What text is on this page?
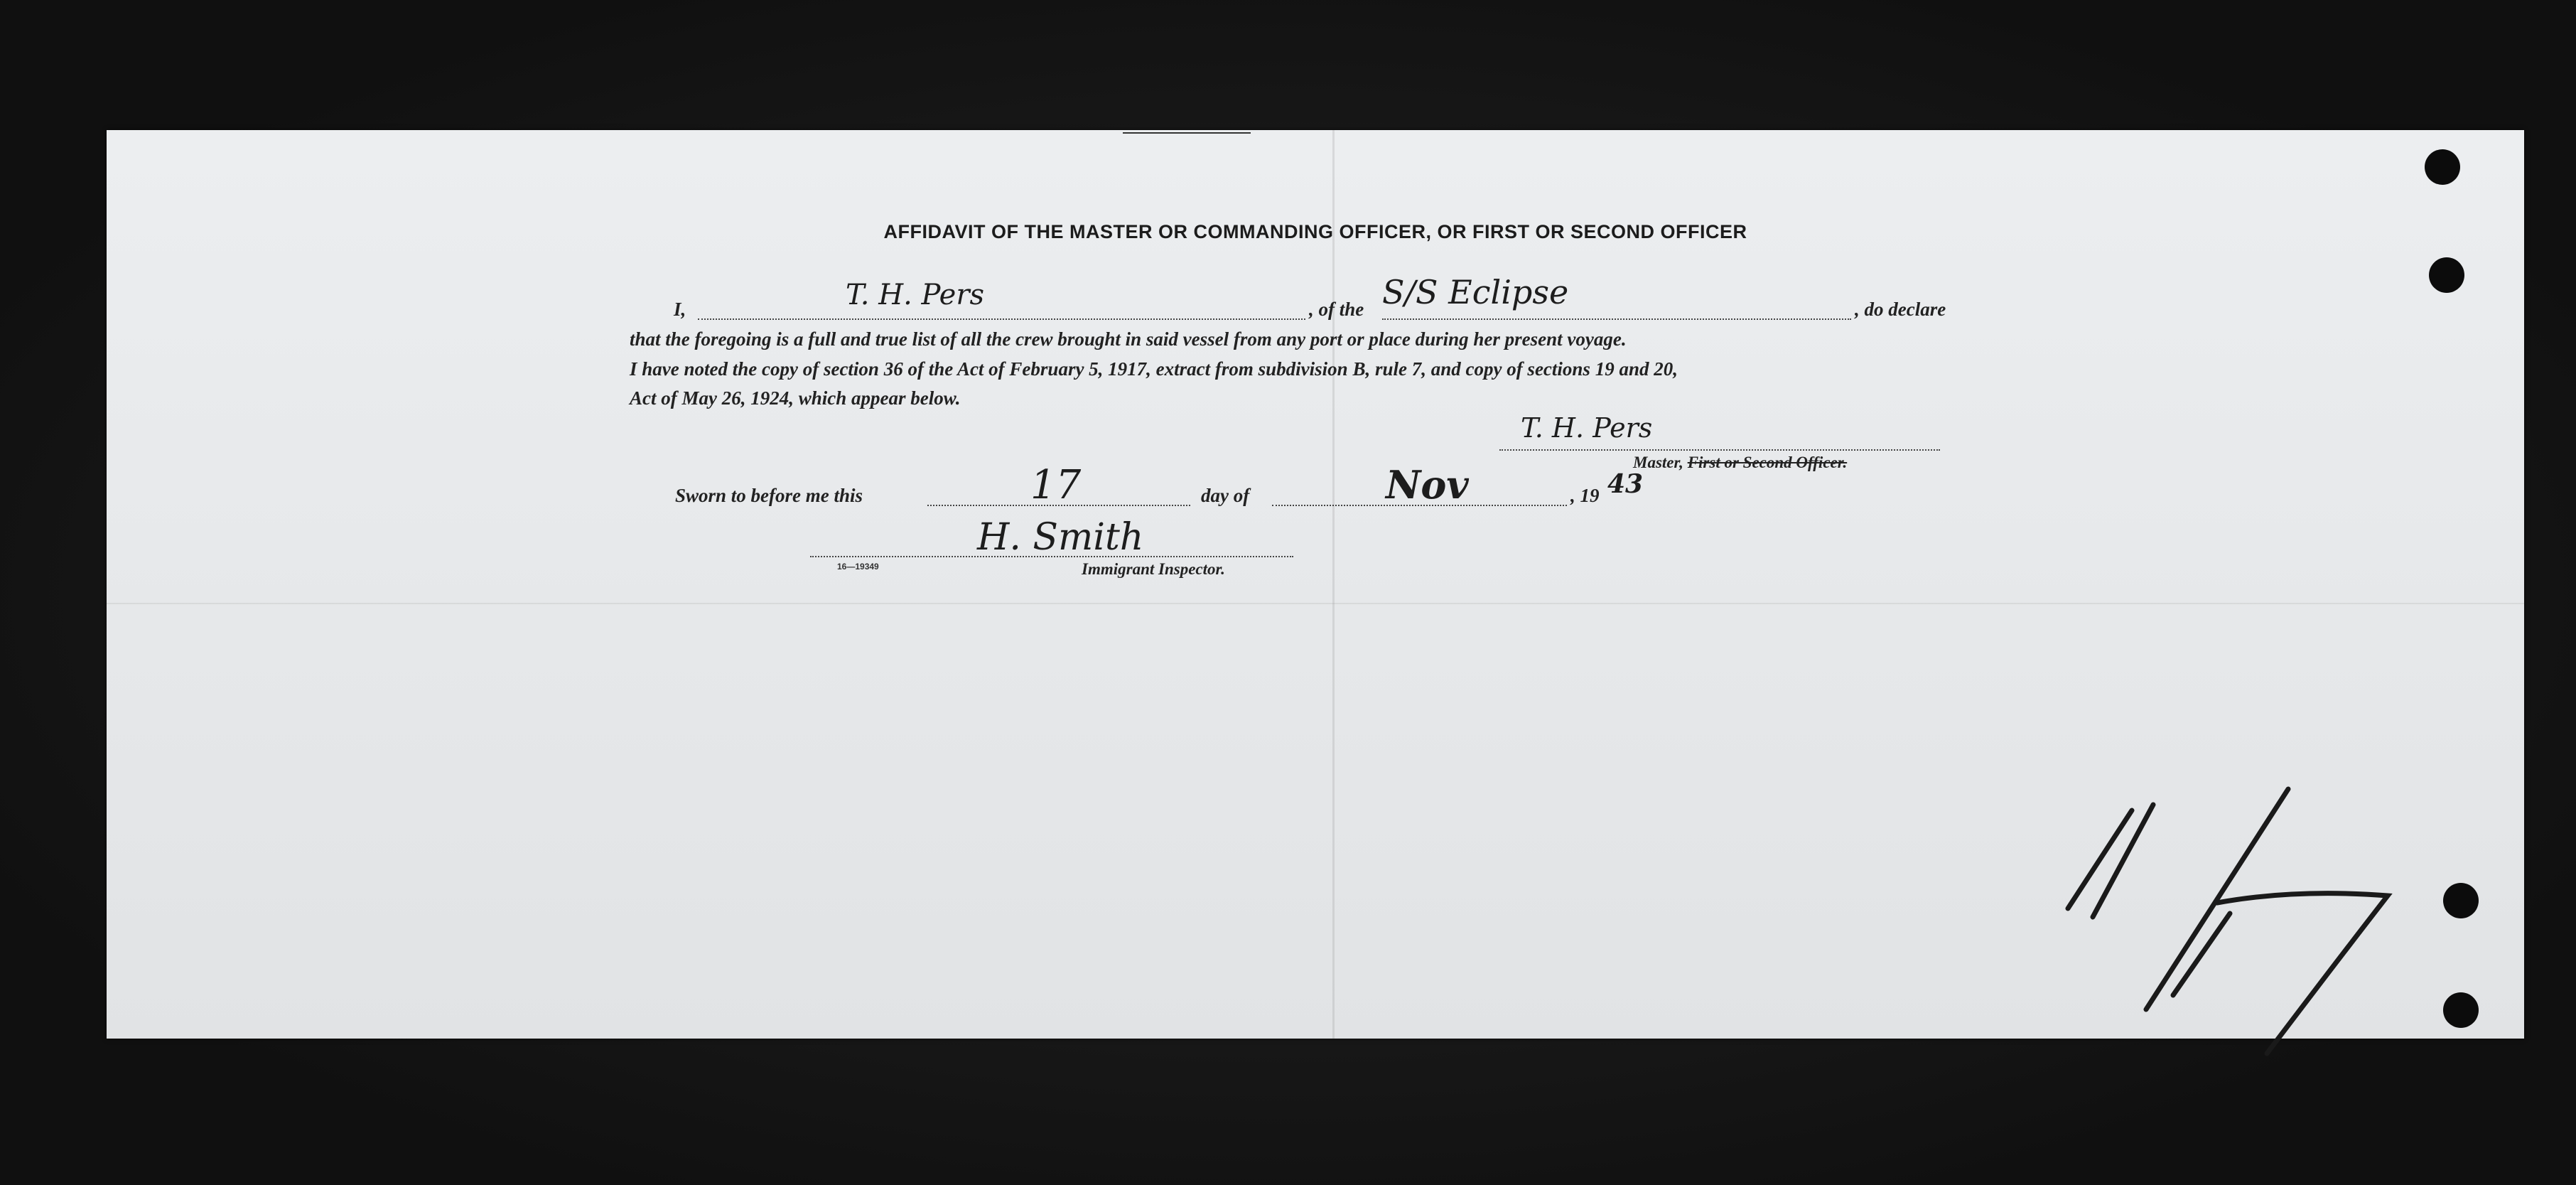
AFFIDAVIT OF THE MASTER OR COMMANDING OFFICER, OR FIRST OR SECOND OFFICER
I,	T. H. Pers	, of the S/S Eclipse	, do declare
that the foregoing is a full and true list of all the crew brought in said vessel from any port or place during her present voyage.
I have noted the copy of section 36 of the Act of February 5, 1917, extract from subdivision B, rule 7, and copy of sections 19 and 20,
Act of May 26, 1924, which appear below.
T. H. Pers
Master, First or Second Officer.
Sworn to before me this	17	day of	Nov	, 19 43
H. Smith
16—19349	Immigrant Inspector.
